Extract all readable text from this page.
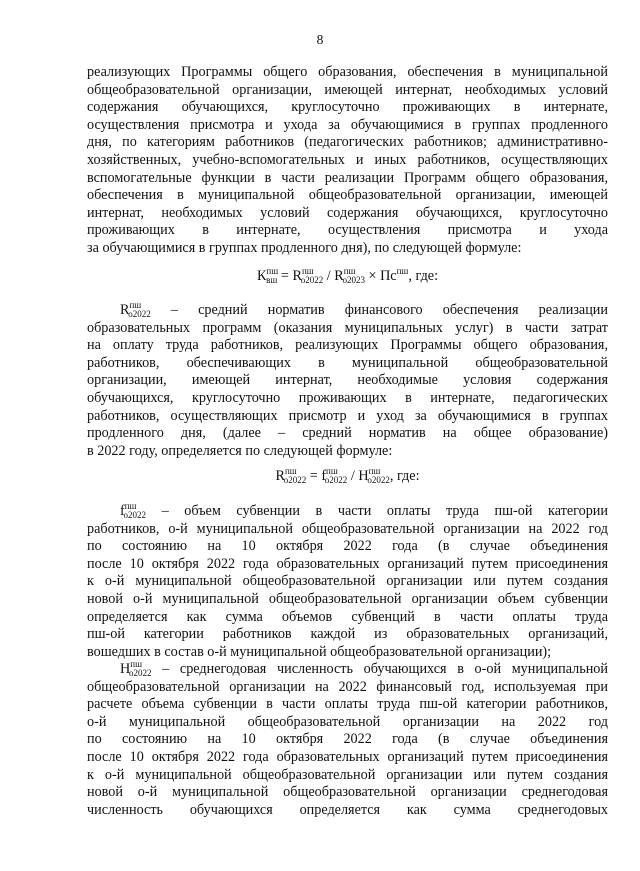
8
реализующих Программы общего образования, обеспечения в муниципальной
общеобразовательной организации, имеющей интернат, необходимых условий
содержания обучающихся, круглосуточно проживающих в интернате,
осуществления присмотра и ухода за обучающимися в группах продленного
дня, по категориям работников (педагогических работников; административно-
хозяйственных, учебно-вспомогательных и иных работников, осуществляющих
вспомогательные функции в части реализации Программ общего образования,
обеспечения в муниципальной общеобразовательной организации, имеющей
интернат, необходимых условий содержания обучающихся, круглосуточно
проживающих в интернате, осуществления присмотра и ухода
за обучающимися в группах продленного дня), по следующей формуле:
$К^{пш}_{вш} = R^{пш}_{о2022} / R^{пш}_{о2023} \times Пс^{пш}$, где:
$R^{пш}_{о2022}$ – средний норматив финансового обеспечения реализации
образовательных программ (оказания муниципальных услуг) в части затрат
на оплату труда работников, реализующих Программы общего образования,
работников, обеспечивающих в муниципальной общеобразовательной
организации, имеющей интернат, необходимые условия содержания
обучающихся, круглосуточно проживающих в интернате, педагогических
работников, осуществляющих присмотр и уход за обучающимися в группах
продленного дня, (далее – средний норматив на общее образование)
в 2022 году, определяется по следующей формуле:
$R^{пш}_{о2022} = f^{пш}_{о2022} / Н^{пш}_{о2022}$, где:
$f^{пш}_{о2022}$ – объем субвенции в части оплаты труда пш-ой категории
работников, о-й муниципальной общеобразовательной организации на 2022 год
по состоянию на 10 октября 2022 года (в случае объединения
после 10 октября 2022 года образовательных организаций путем присоединения
к о-й муниципальной общеобразовательной организации или путем создания
новой о-й муниципальной общеобразовательной организации объем субвенции
определяется как сумма объемов субвенций в части оплаты труда
пш-ой категории работников каждой из образовательных организаций,
вошедших в состав о-й муниципальной общеобразовательной организации);
$Н^{пш}_{о2022}$ – среднегодовая численность обучающихся в о-ой муниципальной
общеобразовательной организации на 2022 финансовый год, используемая при
расчете объема субвенции в части оплаты труда пш-ой категории работников,
о-й муниципальной общеобразовательной организации на 2022 год
по состоянию на 10 октября 2022 года (в случае объединения
после 10 октября 2022 года образовательных организаций путем присоединения
к о-й муниципальной общеобразовательной организации или путем создания
новой о-й муниципальной общеобразовательной организации среднегодовая
численность обучающихся определяется как сумма среднегодовых
